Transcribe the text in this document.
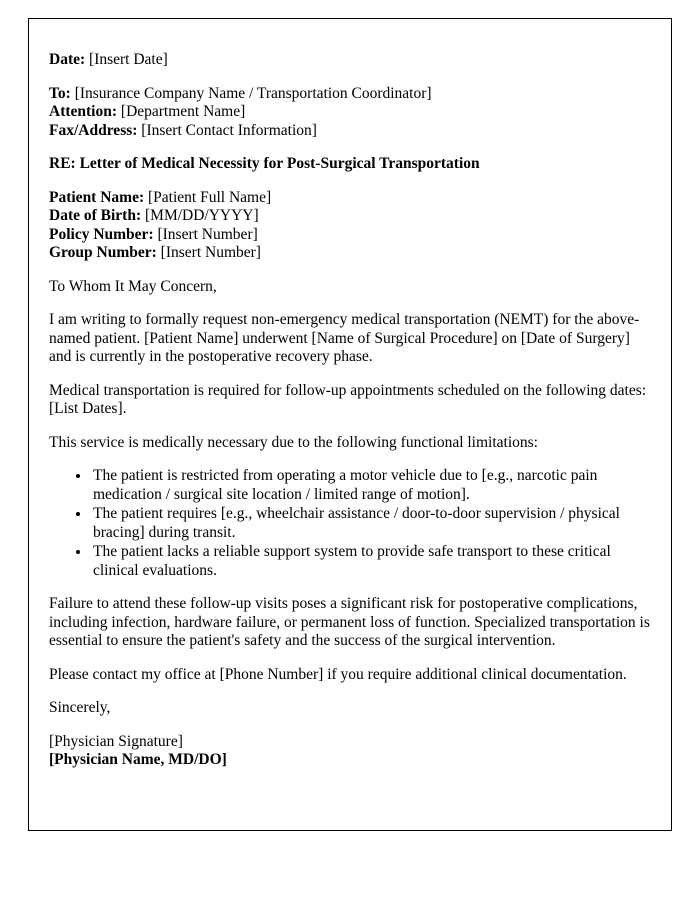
Date: [Insert Date]

To: [Insurance Company Name / Transportation Coordinator]

Attention: [Department Name]

Fax/Address: [Insert Contact Information]

RE: Letter of Medical Necessity for Post-Surgical Transportation

Patient Name: [Patient Full Name]

Date of Birth: [MM/DD/YYYY]

Policy Number: [Insert Number]

Group Number: [Insert Number]

To Whom It May Concern,

I am writing to formally request non-emergency medical transportation (NEMT) for the above-named patient. [Patient Name] underwent [Name of Surgical Procedure] on [Date of Surgery] and is currently in the postoperative recovery phase.

Medical transportation is required for follow-up appointments scheduled on the following dates: [List Dates].

This service is medically necessary due to the following functional limitations:

• The patient is restricted from operating a motor vehicle due to [e.g., narcotic pain medication / surgical site location / limited range of motion].
• The patient requires [e.g., wheelchair assistance / door-to-door supervision / physical bracing] during transit.
• The patient lacks a reliable support system to provide safe transport to these critical clinical evaluations.

Failure to attend these follow-up visits poses a significant risk for postoperative complications, including infection, hardware failure, or permanent loss of function. Specialized transportation is essential to ensure the patient's safety and the success of the surgical intervention.

Please contact my office at [Phone Number] if you require additional clinical documentation.

Sincerely,

[Physician Signature]

[Physician Name, MD/DO]
